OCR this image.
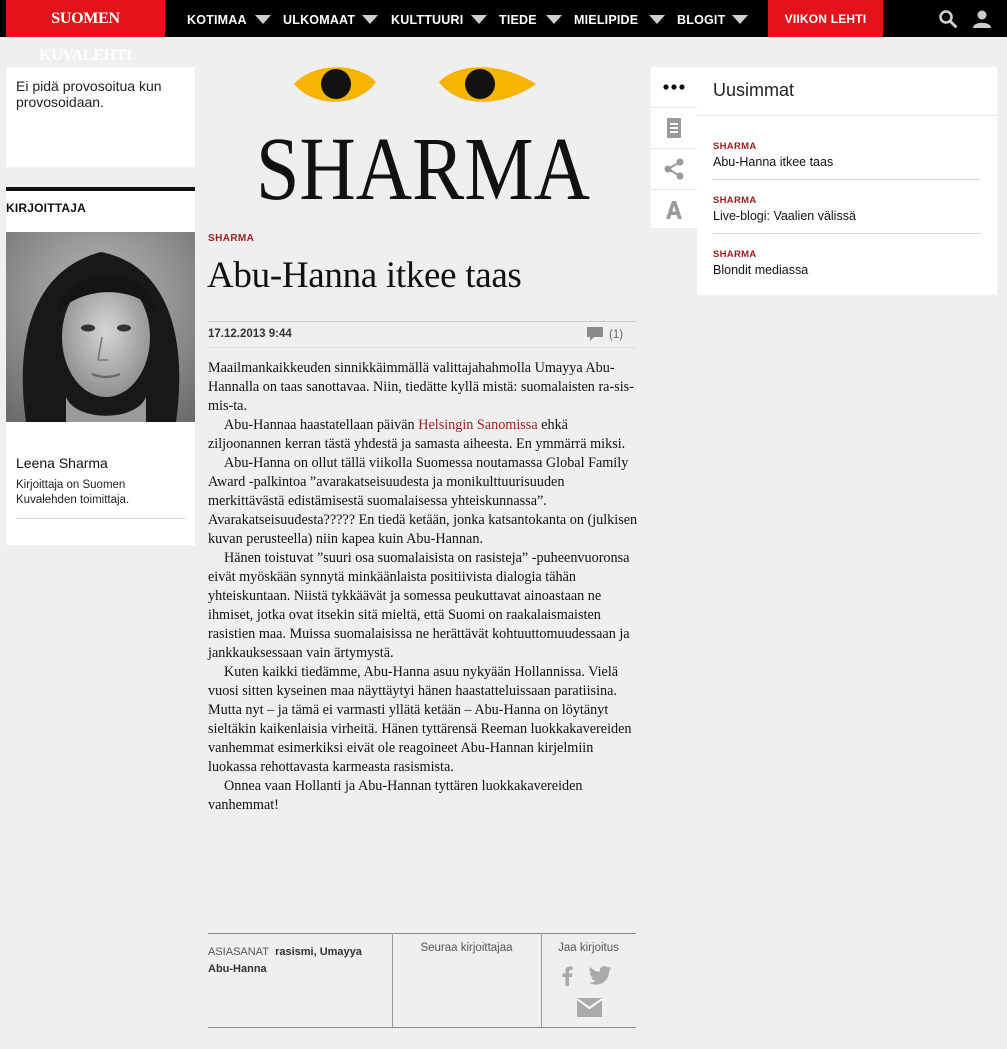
SUOMEN KUVALEHTI
KOTIMAA	ULKOMAAT	KULTTUURI	TIEDE	MIELIPIDE	BLOGIT	VIIKON LEHTI
Ei pidä provosoitua kun provosoidaan.
KIRJOITTAJA
Leena Sharma
Kirjoittaja on Suomen Kuvalehden toimittaja.
SHARMA
SHARMA
Abu-Hanna itkee taas
17.12.2013 9:44	(1)

Maailmankaikkeuden sinnikkäimmällä valittajahahmolla Umayya Abu-Hannalla on taas sanottavaa. Niin, tiedätte kyllä mistä: suomalaisten ra-sis-mis-ta.

Abu-Hannaa haastatellaan päivän Helsingin Sanomissa ehkä ziljoonannen kerran tästä yhdestä ja samasta aiheesta. En ymmärrä miksi.

Abu-Hanna on ollut tällä viikolla Suomessa noutamassa Global Family Award -palkintoa ”avarakatseisuudesta ja monikulttuurisuuden merkittävästä edistämisestä suomalaisessa yhteiskunnassa”. Avarakatseisuudesta????? En tiedä ketään, jonka katsantokanta on (julkisen kuvan perusteella) niin kapea kuin Abu-Hannan.

Hänen toistuvat ”suuri osa suomalaisista on rasisteja” -puheenvuoronsa eivät myöskään synnytä minkäänlaista positiivista dialogia tähän yhteiskuntaan. Niistä tykkäävät ja somessa peukuttavat ainoastaan ne ihmiset, jotka ovat itsekin sitä mieltä, että Suomi on raakalaismaisten rasistien maa. Muissa suomalaisissa ne herättävät kohtuuttomuudessaan ja jankkauksessaan vain ärtymystä.

Kuten kaikki tiedämme, Abu-Hanna asuu nykyään Hollannissa. Vielä vuosi sitten kyseinen maa näyttäytyi hänen haastatteluissaan paratiisina. Mutta nyt – ja tämä ei varmasti yllätä ketään – Abu-Hanna on löytänyt sieltäkin kaikenlaisia virheitä. Hänen tyttärensä Reeman luokkakavereiden vanhemmat esimerkiksi eivät ole reagoineet Abu-Hannan kirjelmiin luokassa rehottavasta karmeasta rasismista.

Onnea vaan Hollanti ja Abu-Hannan tyttären luokkakavereiden vanhemmat!

ASIASANAT rasismi, Umayya Abu-Hanna
Seuraa kirjoittajaa	Jaa kirjoitus
Uusimmat
SHARMA
Abu-Hanna itkee taas
SHARMA
Live-blogi: Vaalien välissä
SHARMA
Blondit mediassa
